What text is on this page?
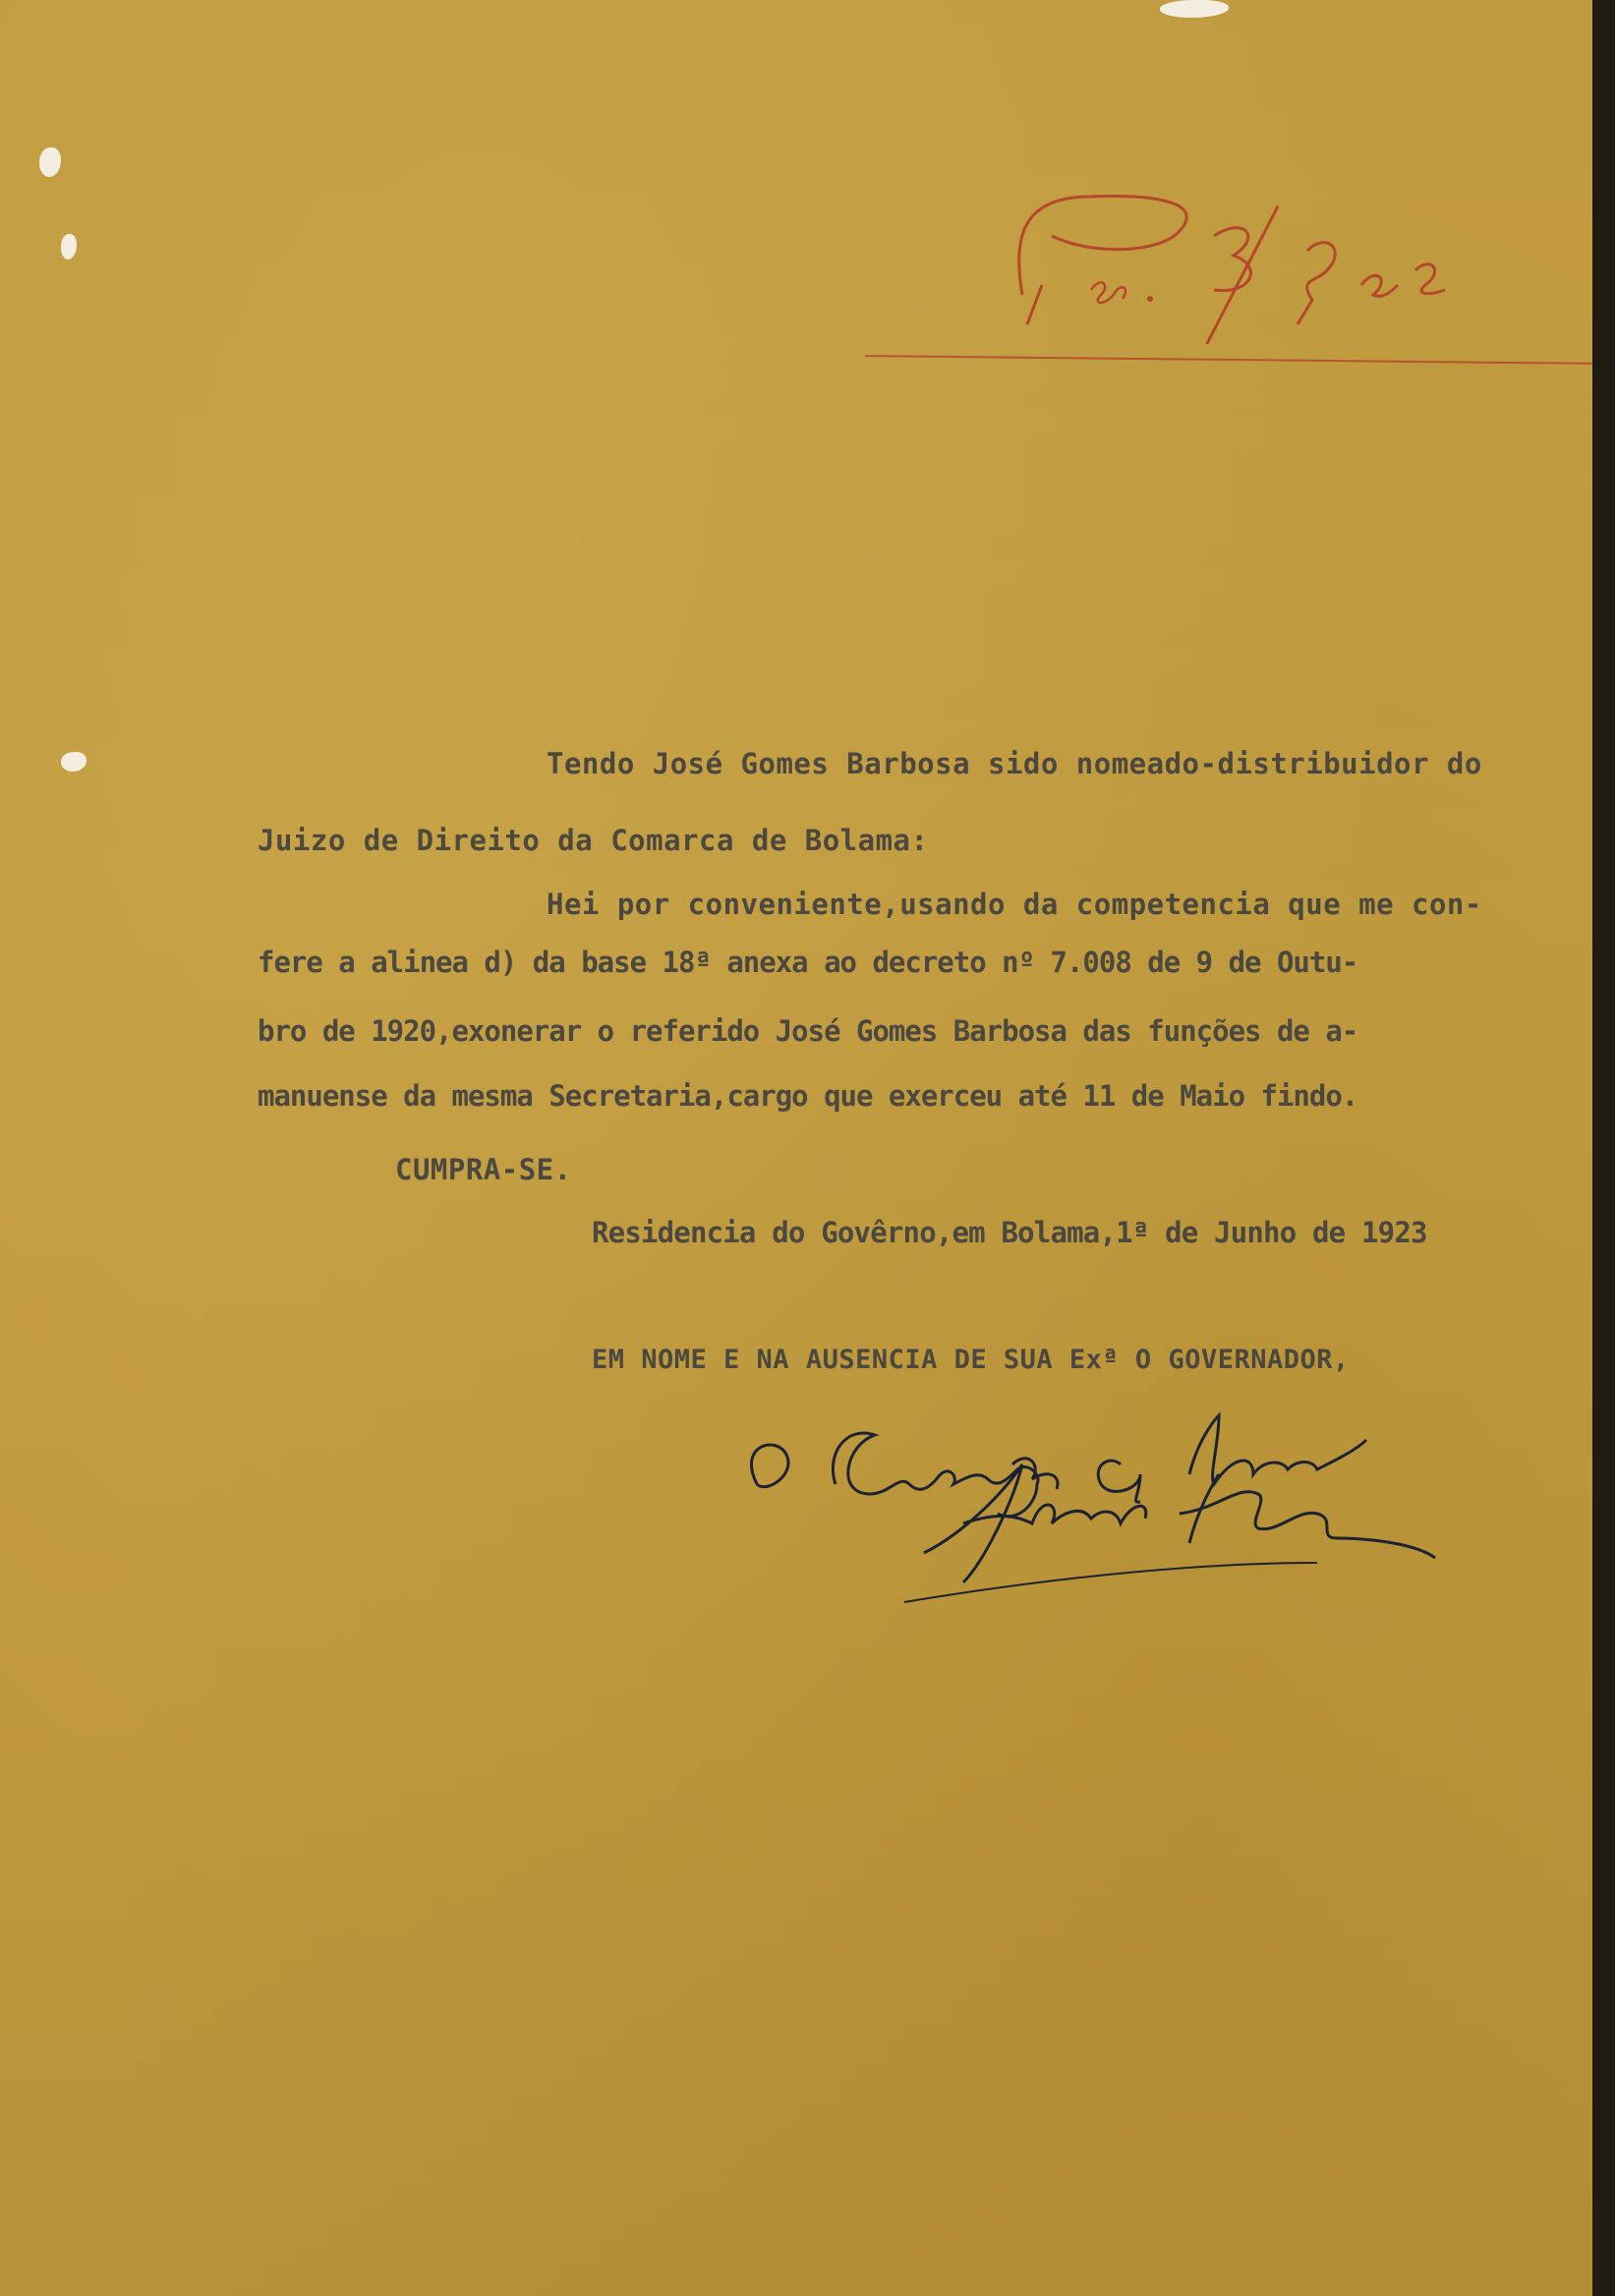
Tendo José Gomes Barbosa sido nomeado-distribuidor do
Juizo de Direito da Comarca de Bolama:
Hei por conveniente,usando da competencia que me con-
fere a alinea d) da base 18ª anexa ao decreto nº 7.008 de 9 de Outu-
bro de 1920,exonerar o referido José Gomes Barbosa das funções de a-
manuense da mesma Secretaria,cargo que exerceu até 11 de Maio findo.
CUMPRA-SE.
Residencia do Govêrno,em Bolama,1ª de Junho de 1923
EM NOME E NA AUSENCIA DE SUA Exª O GOVERNADOR,
